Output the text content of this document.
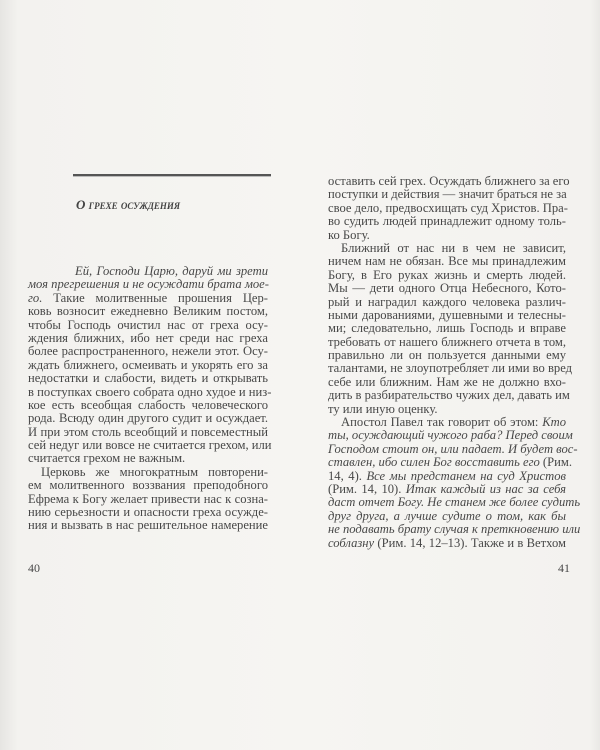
О грехе осуждения
Ей, Господи Царю, даруй ми зрети
моя прегрешения и не осуждати брата мое-
го. Такие молитвенные прошения Цер-
ковь возносит ежедневно Великим постом,
чтобы Господь очистил нас от греха осу-
ждения ближних, ибо нет среди нас греха
более распространенного, нежели этот. Осу-
ждать ближнего, осмеивать и укорять его за
недостатки и слабости, видеть и открывать
в поступках своего собрата одно худое и низ-
кое есть всеобщая слабость человеческого
рода. Всюду один другого судит и осуждает.
И при этом столь всеобщий и повсеместный
сей недуг или вовсе не считается грехом, или
считается грехом не важным.
Церковь же многократным повторени-
ем молитвенного воззвания преподобного
Ефрема к Богу желает привести нас к созна-
нию серьезности и опасности греха осужде-
ния и вызвать в нас решительное намерение
40
оставить сей грех. Осуждать ближнего за его
поступки и действия — значит браться не за
свое дело, предвосхищать суд Христов. Пра-
во судить людей принадлежит одному толь-
ко Богу.
Ближний от нас ни в чем не зависит,
ничем нам не обязан. Все мы принадлежим
Богу, в Его руках жизнь и смерть людей.
Мы — дети одного Отца Небесного, Кото-
рый и наградил каждого человека различ-
ными дарованиями, душевными и телесны-
ми; следовательно, лишь Господь и вправе
требовать от нашего ближнего отчета в том,
правильно ли он пользуется данными ему
талантами, не злоупотребляет ли ими во вред
себе или ближним. Нам же не должно вхо-
дить в разбирательство чужих дел, давать им
ту или иную оценку.
Апостол Павел так говорит об этом: Кто
ты, осуждающий чужого раба? Перед своим
Господом стоит он, или падает. И будет вос-
ставлен, ибо силен Бог восставить его (Рим.
14, 4). Все мы предстанем на суд Христов
(Рим. 14, 10). Итак каждый из нас за себя
даст отчет Богу. Не станем же более судить
друг друга, а лучше судите о том, как бы
не подавать брату случая к преткновению или
соблазну (Рим. 14, 12–13). Также и в Ветхом
41
